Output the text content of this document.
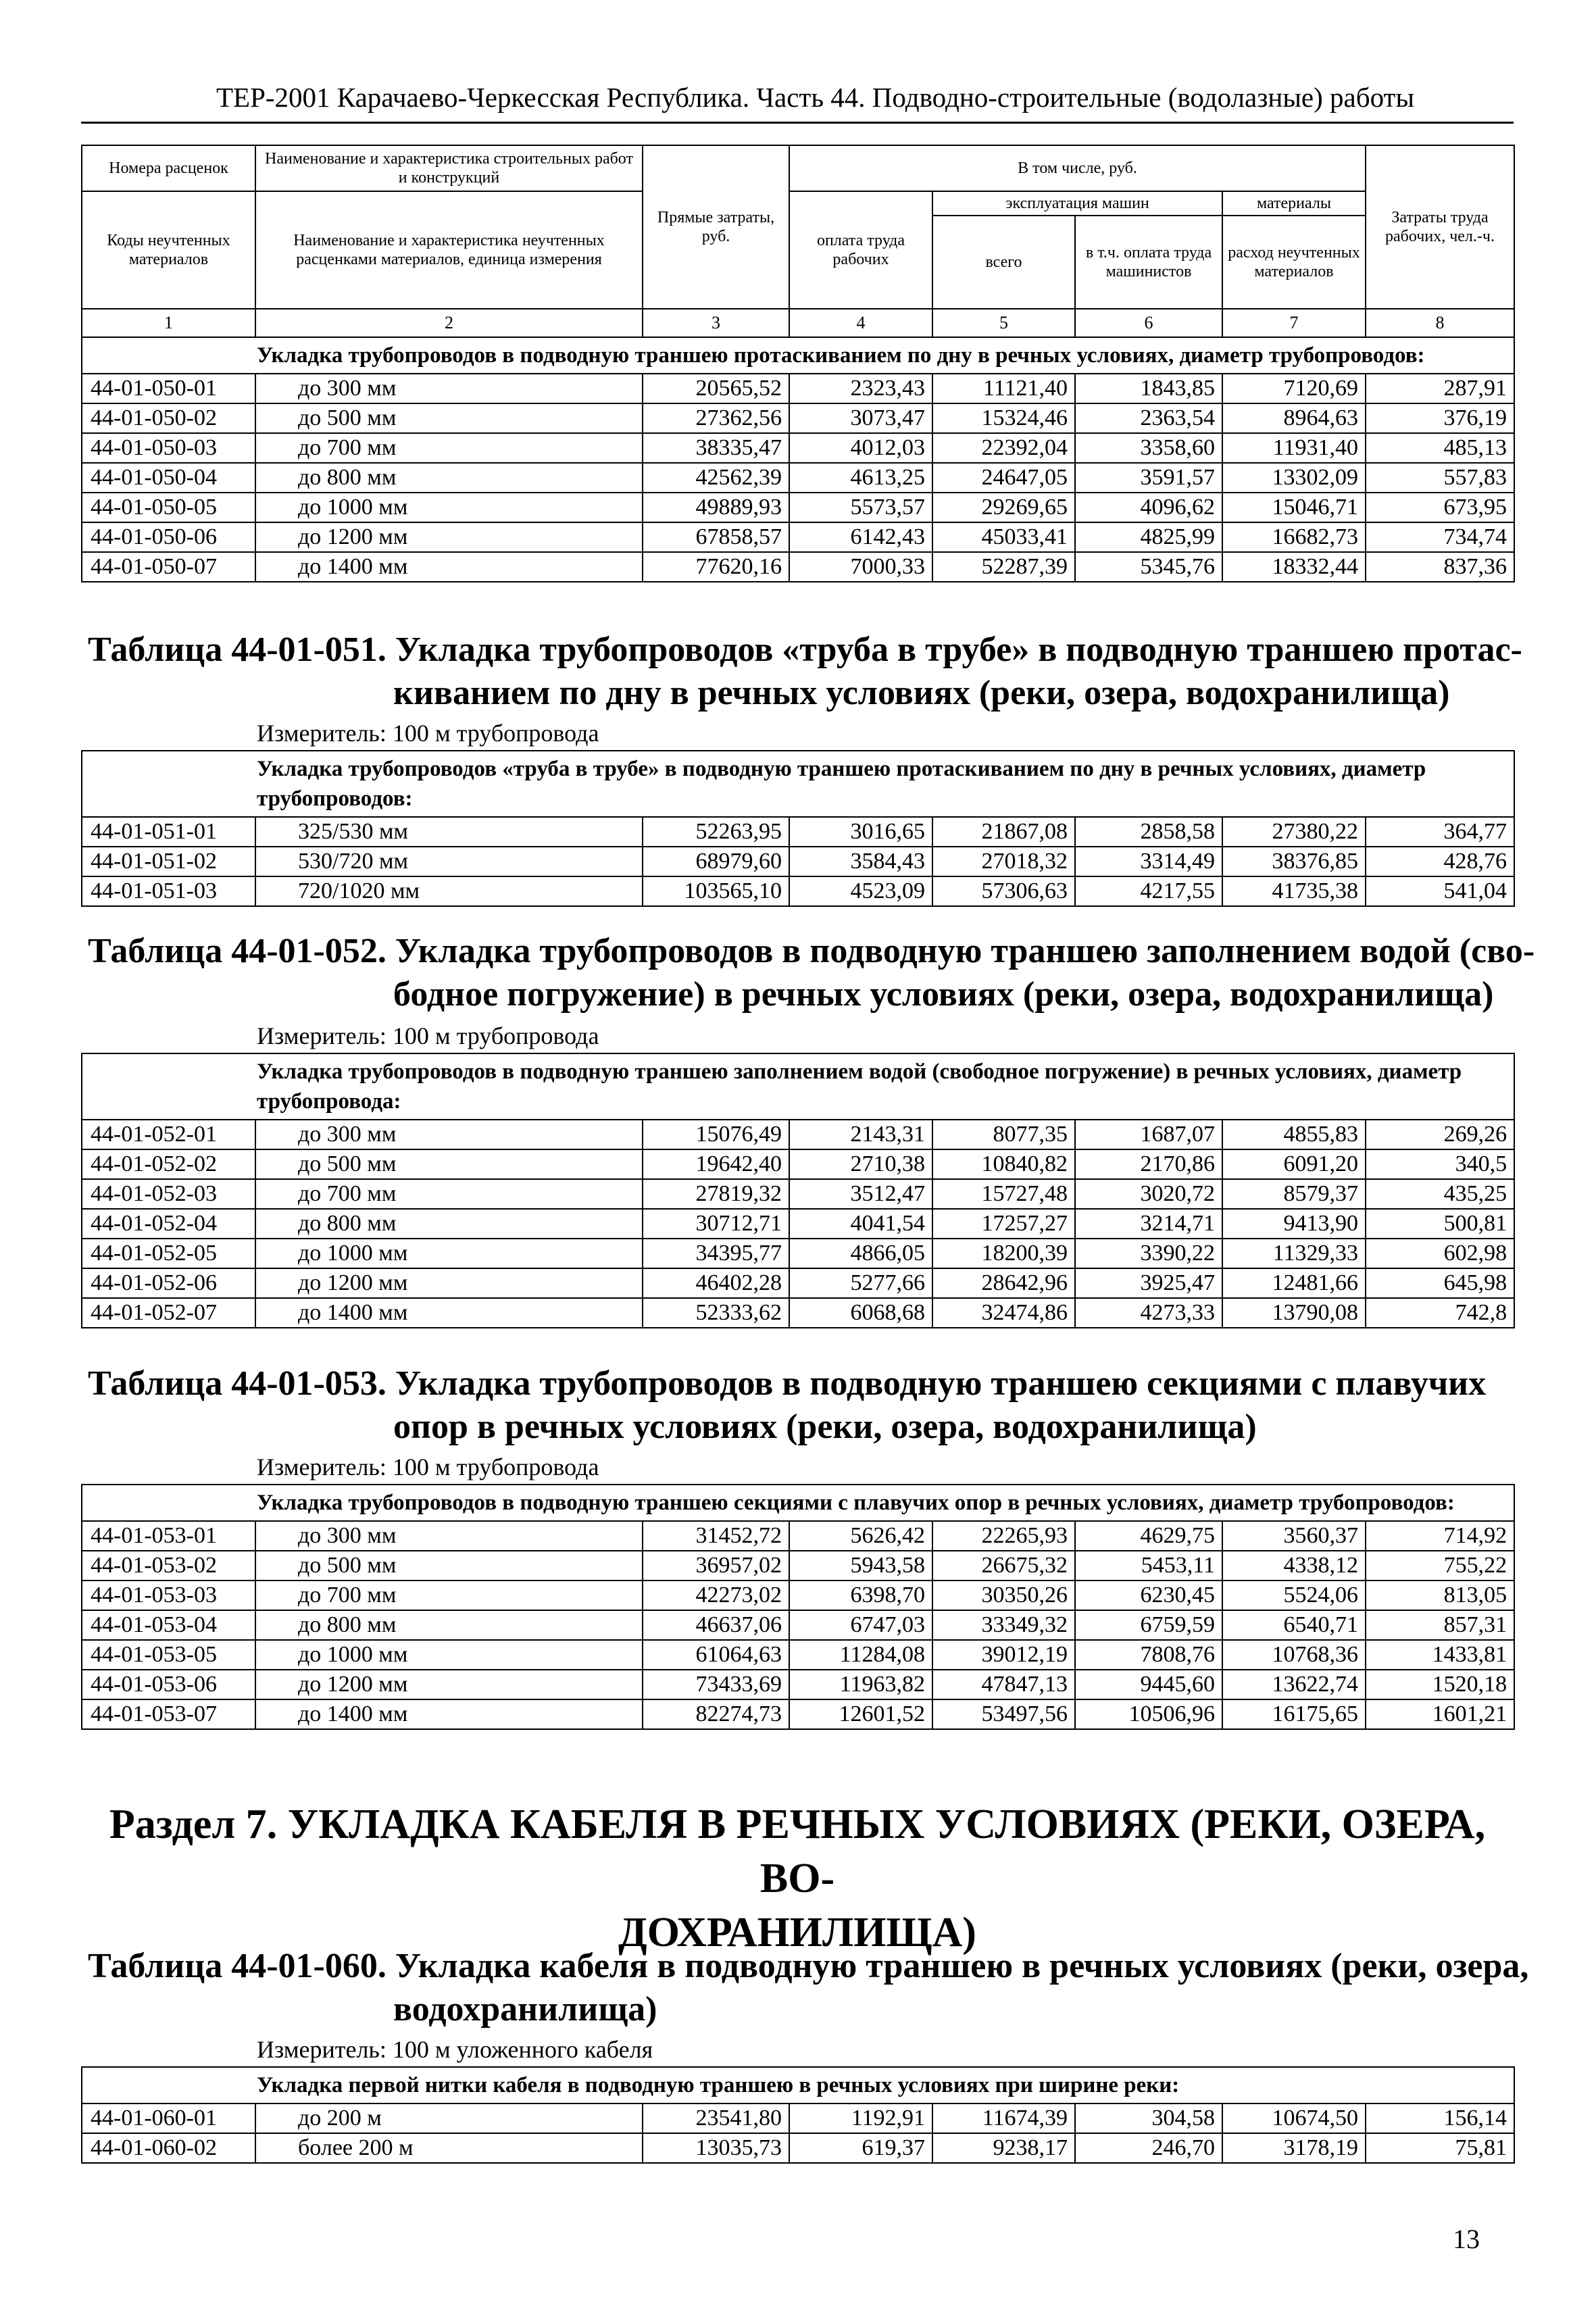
ТЕР-2001 Карачаево-Черкесская Республика. Часть 44. Подводно-строительные (водолазные) работы
Номера расценок	Наименование и характеристика строительных работ и конструкций	Прямые затраты, руб.	В том числе, руб.				Затраты труда рабочих, чел.-ч.
Коды неучтенных материалов	Наименование и характеристика неучтенных расценками материалов, единица измерения		оплата труда рабочих	эксплуатация машин		материалы	
				всего	в т.ч. оплата труда машинистов	расход неучтенных материалов	
1	2	3	4	5	6	7	8
Укладка трубопроводов в подводную траншею протаскиванием по дну в речных условиях, диаметр трубопроводов:							
44-01-050-01	до 300 мм	20565,52	2323,43	11121,40	1843,85	7120,69	287,91
44-01-050-02	до 500 мм	27362,56	3073,47	15324,46	2363,54	8964,63	376,19
44-01-050-03	до 700 мм	38335,47	4012,03	22392,04	3358,60	11931,40	485,13
44-01-050-04	до 800 мм	42562,39	4613,25	24647,05	3591,57	13302,09	557,83
44-01-050-05	до 1000 мм	49889,93	5573,57	29269,65	4096,62	15046,71	673,95
44-01-050-06	до 1200 мм	67858,57	6142,43	45033,41	4825,99	16682,73	734,74
44-01-050-07	до 1400 мм	77620,16	7000,33	52287,39	5345,76	18332,44	837,36
Таблица 44-01-051. Укладка трубопроводов «труба в трубе» в подводную траншею протас-
киванием по дну в речных условиях (реки, озера, водохранилища)
Измеритель: 100 м трубопровода
Укладка трубопроводов «труба в трубе» в подводную траншею протаскиванием по дну в речных условиях, диаметр трубопроводов:							
44-01-051-01	325/530 мм	52263,95	3016,65	21867,08	2858,58	27380,22	364,77
44-01-051-02	530/720 мм	68979,60	3584,43	27018,32	3314,49	38376,85	428,76
44-01-051-03	720/1020 мм	103565,10	4523,09	57306,63	4217,55	41735,38	541,04
Таблица 44-01-052. Укладка трубопроводов в подводную траншею заполнением водой (сво-
бодное погружение) в речных условиях (реки, озера, водохранилища)
Измеритель: 100 м трубопровода
Укладка трубопроводов в подводную траншею заполнением водой (свободное погружение) в речных условиях, диаметр трубопровода:							
44-01-052-01	до 300 мм	15076,49	2143,31	8077,35	1687,07	4855,83	269,26
44-01-052-02	до 500 мм	19642,40	2710,38	10840,82	2170,86	6091,20	340,5
44-01-052-03	до 700 мм	27819,32	3512,47	15727,48	3020,72	8579,37	435,25
44-01-052-04	до 800 мм	30712,71	4041,54	17257,27	3214,71	9413,90	500,81
44-01-052-05	до 1000 мм	34395,77	4866,05	18200,39	3390,22	11329,33	602,98
44-01-052-06	до 1200 мм	46402,28	5277,66	28642,96	3925,47	12481,66	645,98
44-01-052-07	до 1400 мм	52333,62	6068,68	32474,86	4273,33	13790,08	742,8
Таблица 44-01-053. Укладка трубопроводов в подводную траншею секциями с плавучих
опор в речных условиях (реки, озера, водохранилища)
Измеритель: 100 м трубопровода
Укладка трубопроводов в подводную траншею секциями с плавучих опор в речных условиях, диаметр трубопроводов:							
44-01-053-01	до 300 мм	31452,72	5626,42	22265,93	4629,75	3560,37	714,92
44-01-053-02	до 500 мм	36957,02	5943,58	26675,32	5453,11	4338,12	755,22
44-01-053-03	до 700 мм	42273,02	6398,70	30350,26	6230,45	5524,06	813,05
44-01-053-04	до 800 мм	46637,06	6747,03	33349,32	6759,59	6540,71	857,31
44-01-053-05	до 1000 мм	61064,63	11284,08	39012,19	7808,76	10768,36	1433,81
44-01-053-06	до 1200 мм	73433,69	11963,82	47847,13	9445,60	13622,74	1520,18
44-01-053-07	до 1400 мм	82274,73	12601,52	53497,56	10506,96	16175,65	1601,21
Раздел 7. УКЛАДКА КАБЕЛЯ В РЕЧНЫХ УСЛОВИЯХ (РЕКИ, ОЗЕРА, ВО-
ДОХРАНИЛИЩА)
Таблица 44-01-060. Укладка кабеля в подводную траншею в речных условиях (реки, озера,
водохранилища)
Измеритель: 100 м уложенного кабеля
Укладка первой нитки кабеля в подводную траншею в речных условиях при ширине реки:							
44-01-060-01	до 200 м	23541,80	1192,91	11674,39	304,58	10674,50	156,14
44-01-060-02	более 200 м	13035,73	619,37	9238,17	246,70	3178,19	75,81
13
